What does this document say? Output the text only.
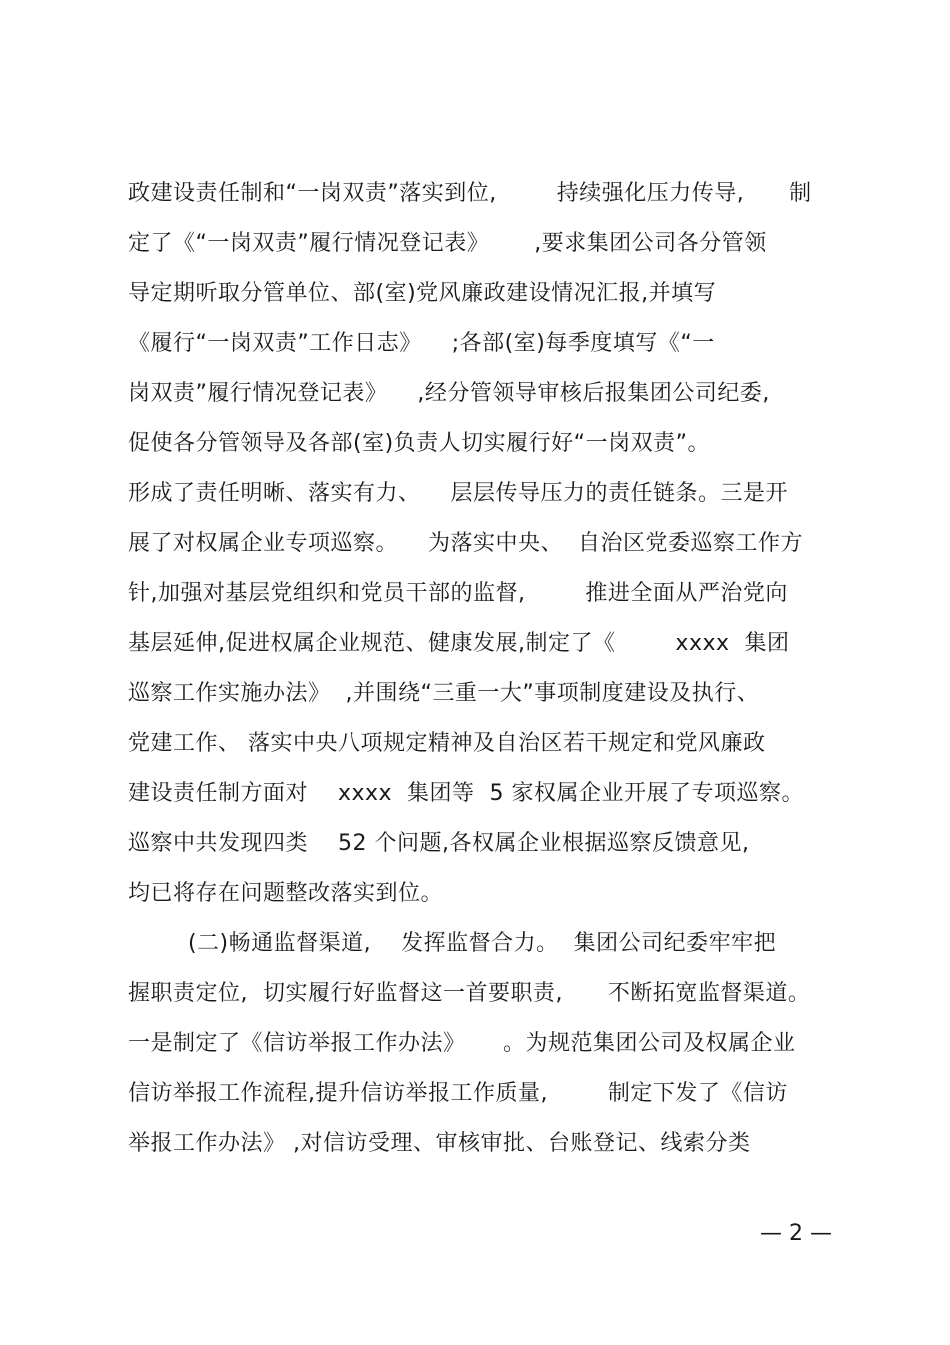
政建设责任制和“一岗双责”落实到位,        持续强化压力传导,      制
定了《“一岗双责”履行情况登记表》      ,要求集团公司各分管领
导定期听取分管单位、部(室)党风廉政建设情况汇报,并填写
《履行“一岗双责”工作日志》    ;各部(室)每季度填写《“一
岗双责”履行情况登记表》    ,经分管领导审核后报集团公司纪委,
促使各分管领导及各部(室)负责人切实履行好“一岗双责”。
形成了责任明晰、落实有力、    层层传导压力的责任链条。三是开
展了对权属企业专项巡察。    为落实中央、  自治区党委巡察工作方
针,加强对基层党组织和党员干部的监督,        推进全面从严治党向
基层延伸,促进权属企业规范、健康发展,制定了《        xxxx  集团
巡察工作实施办法》  ,并围绕“三重一大”事项制度建设及执行、
党建工作、 落实中央八项规定精神及自治区若干规定和党风廉政
建设责任制方面对    xxxx  集团等  5 家权属企业开展了专项巡察。
巡察中共发现四类    52 个问题,各权属企业根据巡察反馈意见,
均已将存在问题整改落实到位。
(二)畅通监督渠道,    发挥监督合力。  集团公司纪委牢牢把
握职责定位,  切实履行好监督这一首要职责,      不断拓宽监督渠道。
一是制定了《信访举报工作办法》     。为规范集团公司及权属企业
信访举报工作流程,提升信访举报工作质量,        制定下发了《信访
举报工作办法》 ,对信访受理、审核审批、台账登记、线索分类
— 2 —
